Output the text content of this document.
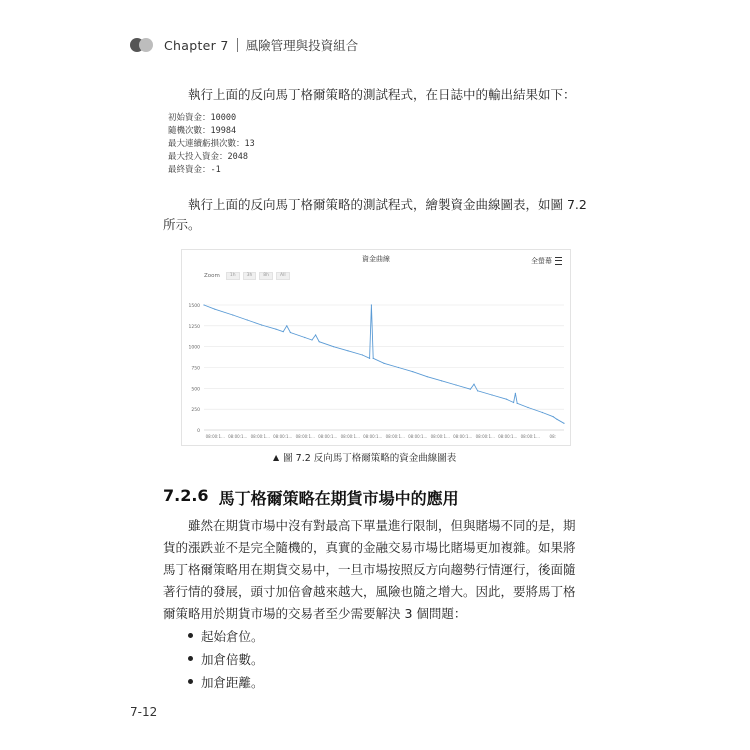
Chapter 7 風險管理與投資組合
執行上面的反向馬丁格爾策略的測試程式，在日誌中的輸出結果如下：
初始資金：10000
隨機次數：19984
最大連續虧損次數：13
最大投入資金：2048
最終資金：-1
執行上面的反向馬丁格爾策略的測試程式，繪製資金曲線圖表，如圖 7.2
所示。
資金曲線	全螢幕
Zoom	1h	3h	8h	All
0
250
500
750
1000
1250
1500
08:00:1... 08:00:1... 08:00:1... 08:00:1... 08:00:1... 08:00:1... 08:00:1... 08:00:1... 08:00:1... 08:00:1... 08:00:1... 08:00:1... 08:00:1... 08:00:1... 08:00:1... 08:
▲ 圖 7.2 反向馬丁格爾策略的資金曲線圖表
7.2.6 馬丁格爾策略在期貨市場中的應用
雖然在期貨市場中沒有對最高下單量進行限制，但與賭場不同的是，期
貨的漲跌並不是完全隨機的，真實的金融交易市場比賭場更加複雜。如果將
馬丁格爾策略用在期貨交易中，一旦市場按照反方向趨勢行情運行，後面隨
著行情的發展，頭寸加倍會越來越大，風險也隨之增大。因此，要將馬丁格
爾策略用於期貨市場的交易者至少需要解決 3 個問題：
起始倉位。
加倉倍數。
加倉距離。
7-12
